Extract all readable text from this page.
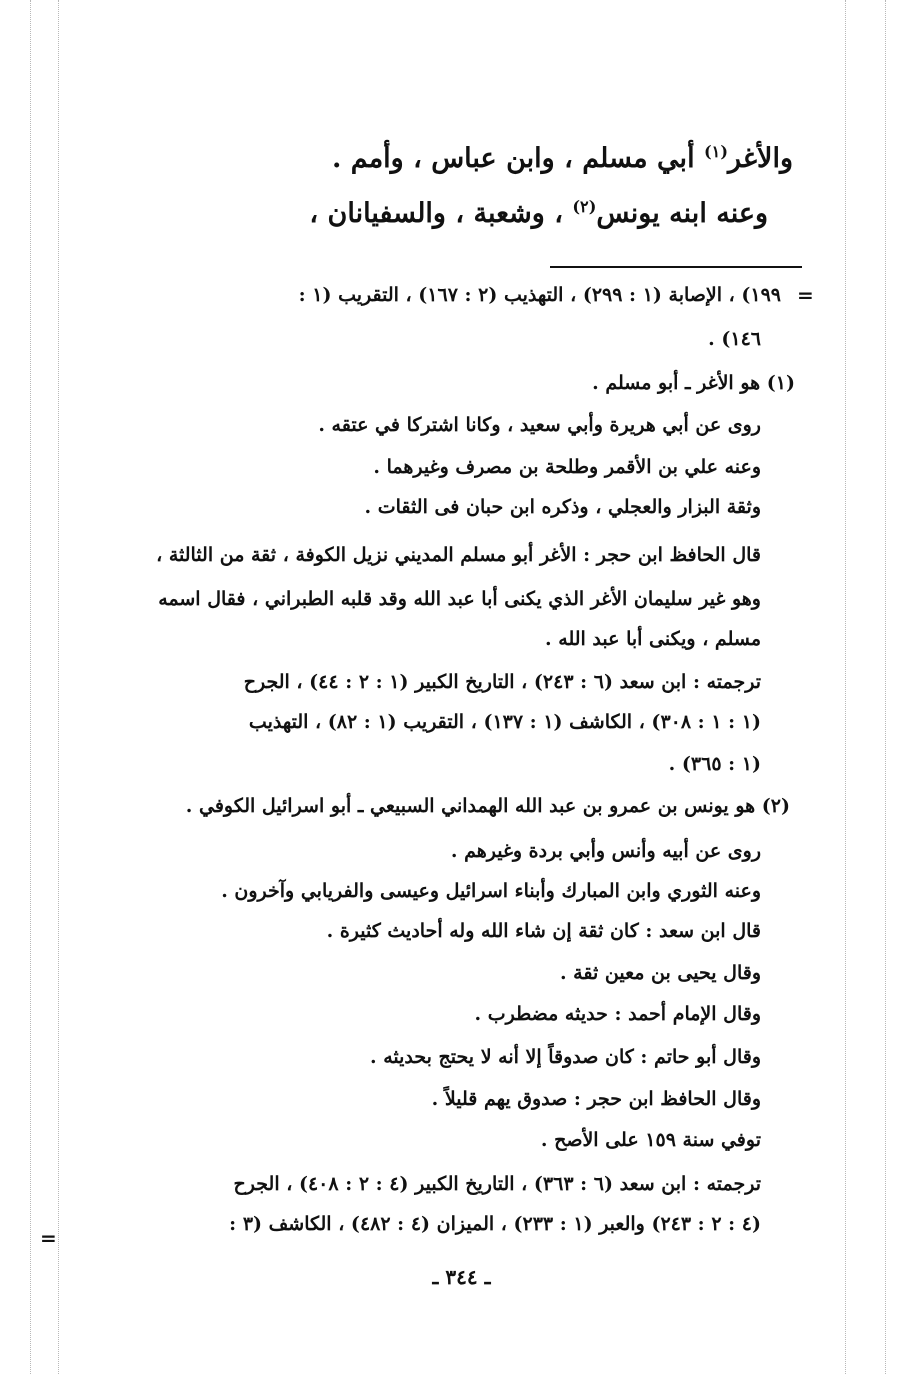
والأغر$^{(١)}$ أبي مسلم ، وابن عباس ، وأمم .
وعنه ابنه يونس$^{(٢)}$ ، وشعبة ، والسفيانان ،
=
١٩٩) ، الإصابة (١ : ٢٩٩) ، التهذيب (٢ : ١٦٧) ، التقريب (١ :
١٤٦) .
(١) هو الأغر ـ أبو مسلم .
روى عن أبي هريرة وأبي سعيد ، وكانا اشتركا في عتقه .
وعنه علي بن الأقمر وطلحة بن مصرف وغيرهما .
وثقة البزار والعجلي ، وذكره ابن حبان فى الثقات .
قال الحافظ ابن حجر : الأغر أبو مسلم المديني نزيل الكوفة ، ثقة من الثالثة ،
وهو غير سليمان الأغر الذي يكنى أبا عبد الله وقد قلبه الطبراني ، فقال اسمه
مسلم ، ويكنى أبا عبد الله .
ترجمته : ابن سعد (٦ : ٢٤٣) ، التاريخ الكبير (١ : ٢ : ٤٤) ، الجرح
(١ : ١ : ٣٠٨) ، الكاشف (١ : ١٣٧) ، التقريب (١ : ٨٢) ، التهذيب
(١ : ٣٦٥) .
(٢) هو يونس بن عمرو بن عبد الله الهمداني السبيعي ـ أبو اسرائيل الكوفي .
روى عن أبيه وأنس وأبي بردة وغيرهم .
وعنه الثوري وابن المبارك وأبناء اسرائيل وعيسى والفريابي وآخرون .
قال ابن سعد : كان ثقة إن شاء الله وله أحاديث كثيرة .
وقال يحيى بن معين ثقة .
وقال الإمام أحمد : حديثه مضطرب .
وقال أبو حاتم : كان صدوقاً إلا أنه لا يحتج بحديثه .
وقال الحافظ ابن حجر : صدوق يهم قليلاً .
توفي سنة ١٥٩ على الأصح .
ترجمته : ابن سعد (٦ : ٣٦٣) ، التاريخ الكبير (٤ : ٢ : ٤٠٨) ، الجرح
(٤ : ٢ : ٢٤٣) والعبر (١ : ٢٣٣) ، الميزان (٤ : ٤٨٢) ، الكاشف (٣ :
=
ـ ٣٤٤ ـ
